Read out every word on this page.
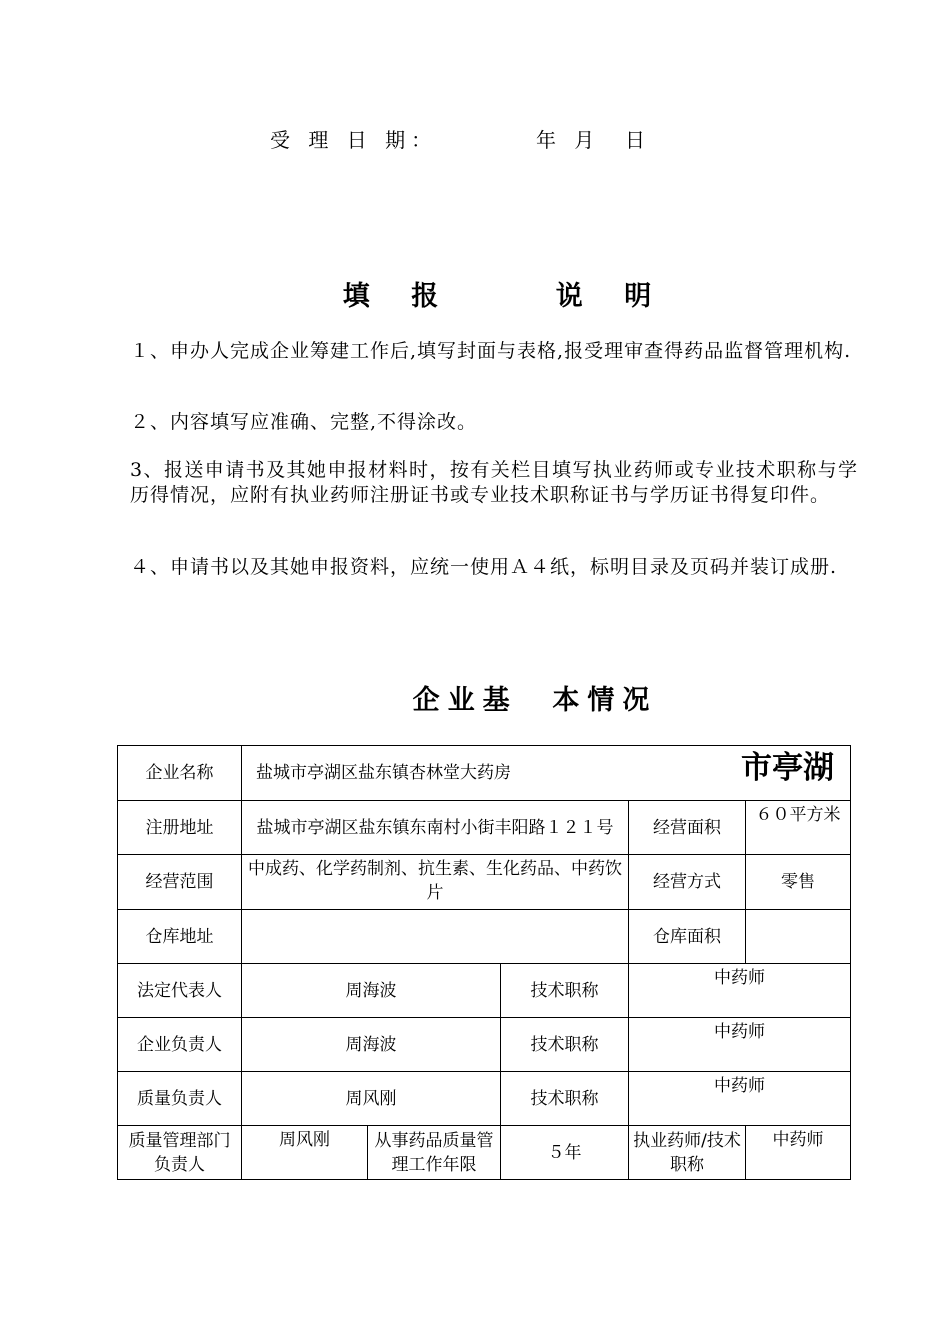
受 理 日 期：	年 月  日
填 报    说 明
１、申办人完成企业筹建工作后,填写封面与表格,报受理审查得药品监督管理机构.
２、内容填写应准确、完整,不得涂改。
3、报送申请书及其她申报材料时，按有关栏目填写执业药师或专业技术职称与学历得情况，应附有执业药师注册证书或专业技术职称证书与学历证书得复印件。
４、申请书以及其她申报资料，应统一使用Ａ４纸，标明目录及页码并装订成册.
企业基  本情况
企业名称	盐城市亭湖区盐东镇杏林堂大药房 市亭湖				

注册地址	盐城市亭湖区盐东镇东南村小街丰阳路１２１号			经营面积	６０平方米
经营范围	中成药、化学药制剂、抗生素、生化药品、中药饮片			经营方式	零售
仓库地址				仓库面积	
法定代表人	周海波		技术职称	中药师	
企业负责人	周海波		技术职称	中药师	
质量负责人	周风刚		技术职称	中药师	
质量管理部门负责人	周风刚	从事药品质量管理工作年限	５年	执业药师/技术职称	中药师
